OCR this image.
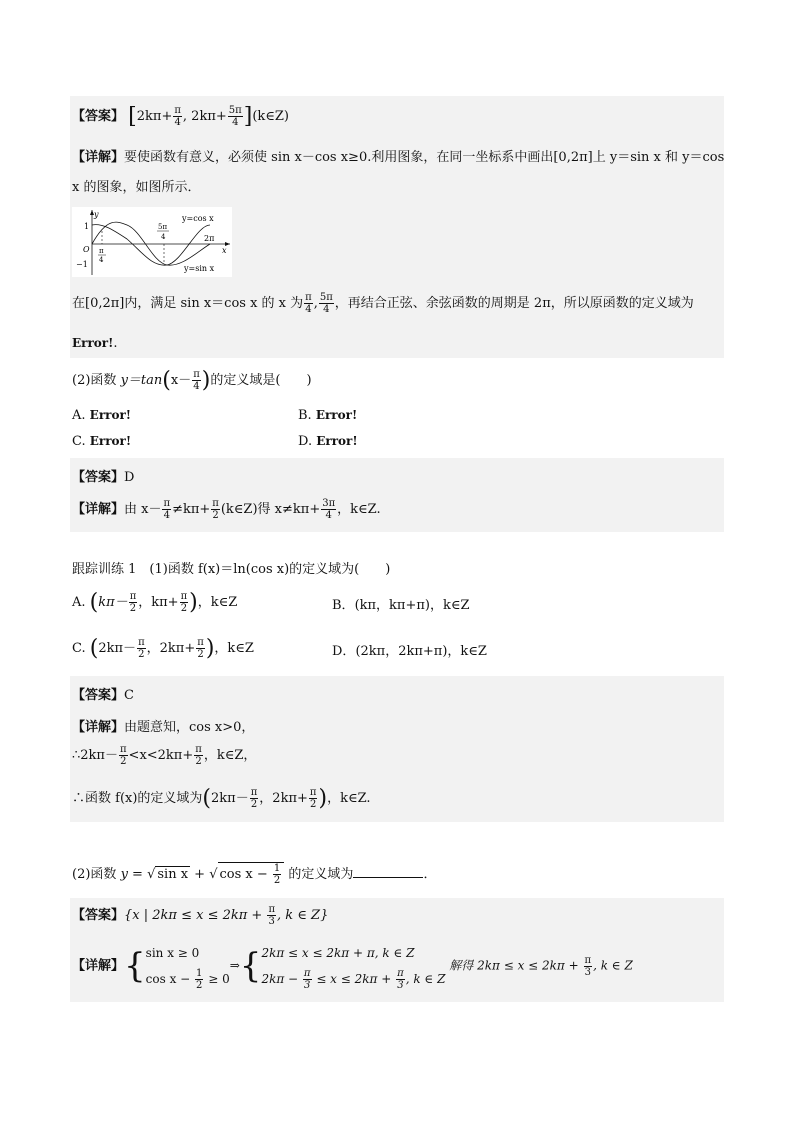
【答案】 [$2k\pi+ \frac{\pi}{4}$ , $2k\pi+ \frac{5\pi}{4}$ ](k∈Z)
【详解】要使函数有意义，必须使 sin x－cos x≥0.利用图象，在同一坐标系中画出[0,2π]上 y＝sin x 和 y＝cos
x 的图象，如图所示．
y
1
O
−1
π
4
5π
4	2π
x
y=cos x
y=sin x
在[0,2π]内，满足 sin x＝cos x 的 x 为 $\frac{\pi}{4}$ , $\frac{5\pi}{4}$ ，再结合正弦、余弦函数的周期是 2π，所以原函数的定义域为
Error!.
(2)函数 $y=\tan(x- \frac{\pi}{4}$ )的定义域是(　　)
A. Error!	B. Error!
C. Error!	D. Error!
【答案】D
【详解】由 $x- \frac{\pi}{4} \ne k\pi+ \frac{\pi}{2}$ (k∈Z)得 $x\ne k\pi+ \frac{3\pi}{4}$ ，k∈Z.
跟踪训练 1　(1)函数 f(x)＝ln(cos x)的定义域为(　　)
A. ($k\pi- \frac{\pi}{2}$ ，$k\pi+ \frac{\pi}{2}$ )，k∈Z	B．(kπ，kπ+π)，k∈Z
C. ($2k\pi- \frac{\pi}{2}$ ，$2k\pi+ \frac{\pi}{2}$ )，k∈Z	D．(2kπ，2kπ+π)，k∈Z
【答案】C
【详解】由题意知，cos x>0，
∴2kπ－ $\frac{\pi}{2} <x<2k\pi+ \frac{\pi}{2}$ ，k∈Z，
∴函数 f(x)的定义域为($2k\pi- \frac{\pi}{2}$ ，$2k\pi+ \frac{\pi}{2}$ )，k∈Z.
(2)函数 y = √ sin x + √ $\cos x - \frac{1}{2}$ 的定义域为	．
【答案】{x | $2k\pi \le x \le 2k\pi + \frac{\pi}{3}$ , k ∈ Z}
【详解】{ sin x ≥ 0
$\cos x - \frac{1}{2} \ge 0$
⇒{ 2kπ ≤ x ≤ 2kπ + π, k ∈ Z
$2k\pi - \frac{\pi}{3} \le x \le 2k\pi + \frac{\pi}{3}$ , k ∈ Z
解得 $2k\pi \le x \le 2k\pi + \frac{\pi}{3}$ , k ∈ Z
